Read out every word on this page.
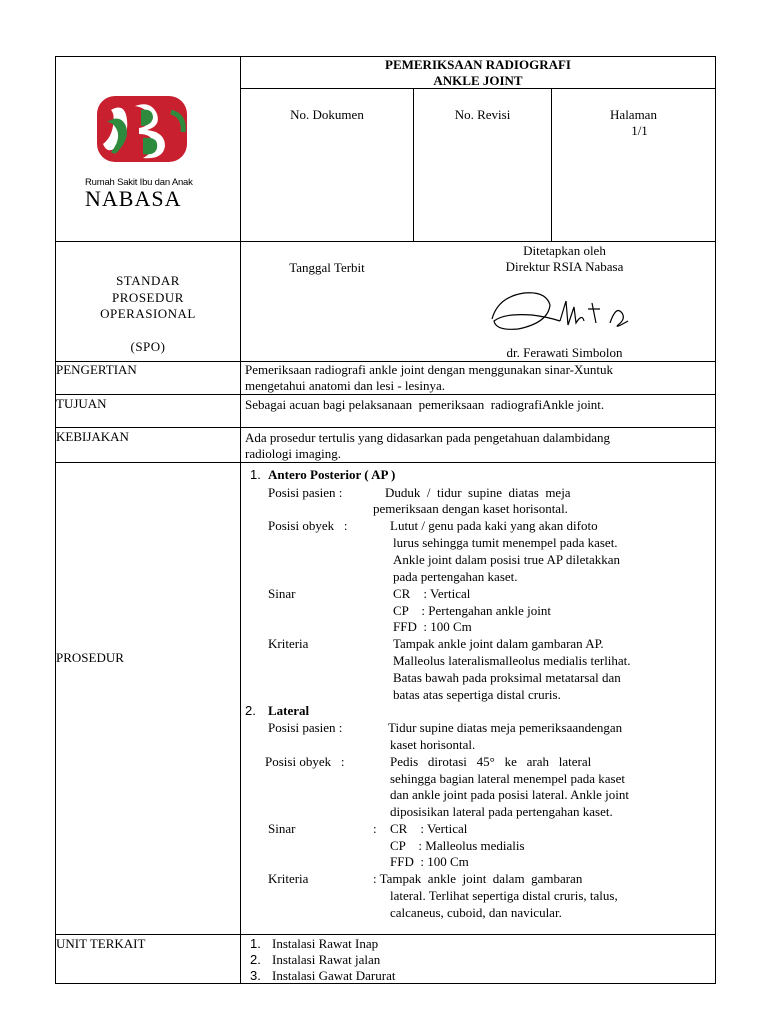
PEMERIKSAAN RADIOGRAFI
ANKLE JOINT
No. Dokumen	No. Revisi	Halaman
1/1
Rumah Sakit Ibu dan Anak
NABASA
STANDAR
PROSEDUR
OPERASIONAL
(SPO)
Tanggal Terbit
Ditetapkan oleh
Direktur RSIA Nabasa
dr. Ferawati Simbolon
PENGERTIAN	Pemeriksaan radiografi ankle joint dengan menggunakan sinar-Xuntuk
mengetahui anatomi dan lesi - lesinya.
TUJUAN	Sebagai acuan bagi pelaksanaan  pemeriksaan  radiografiAnkle joint.
KEBIJAKAN	Ada prosedur tertulis yang didasarkan pada pengetahuan dalambidang
radiologi imaging.
PROSEDUR
1. Antero Posterior ( AP )
Posisi pasien :	Duduk  /  tidur  supine  diatas  meja
pemeriksaan dengan kaset horisontal.
Posisi obyek   :	Lutut / genu pada kaki yang akan difoto
lurus sehingga tumit menempel pada kaset.
Ankle joint dalam posisi true AP diletakkan
pada pertengahan kaset.
Sinar	CR    : Vertical
CP    : Pertengahan ankle joint
FFD  : 100 Cm
Kriteria	Tampak ankle joint dalam gambaran AP.
Malleolus lateralismalleolus medialis terlihat.
Batas bawah pada proksimal metatarsal dan
batas atas sepertiga distal cruris.
2. Lateral
Posisi pasien :	Tidur supine diatas meja pemeriksaandengan
kaset horisontal.
Posisi obyek   :	Pedis   dirotasi   45°   ke   arah   lateral
sehingga bagian lateral menempel pada kaset
dan ankle joint pada posisi lateral. Ankle joint
diposisikan lateral pada pertengahan kaset.
Sinar	: CR    : Vertical
CP    : Malleolus medialis
FFD  : 100 Cm
Kriteria	: Tampak  ankle  joint  dalam  gambaran
lateral. Terlihat sepertiga distal cruris, talus,
calcaneus, cuboid, dan navicular.
UNIT TERKAIT	1. Instalasi Rawat Inap
2. Instalasi Rawat jalan
3. Instalasi Gawat Darurat
